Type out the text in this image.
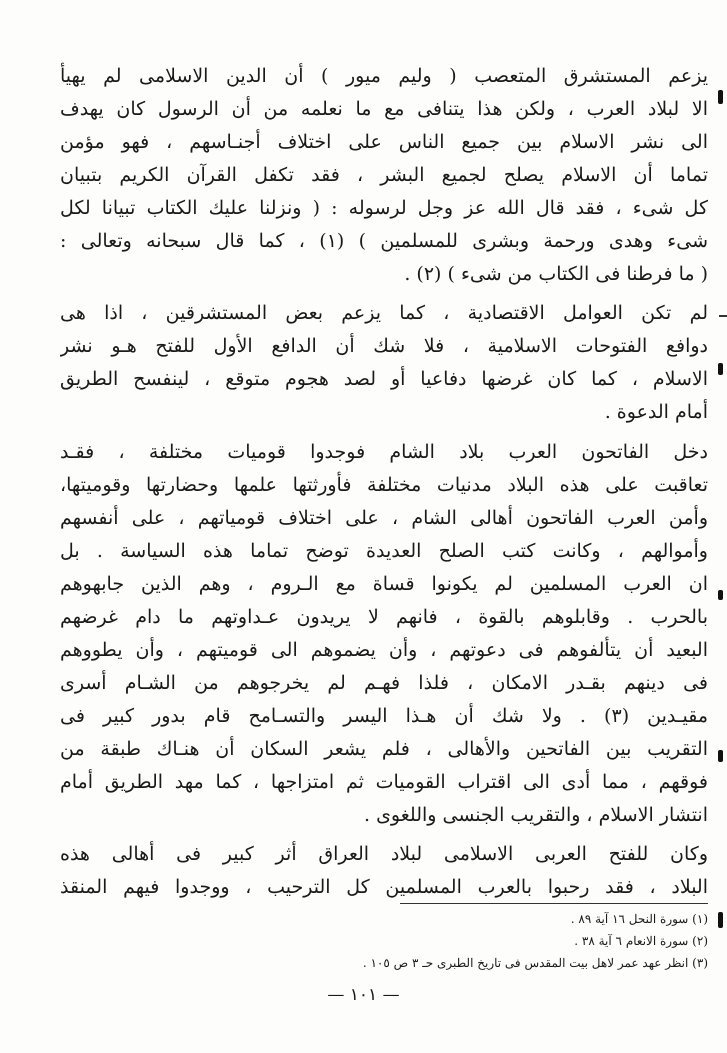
يزعم المستشرق المتعصب ( وليم ميور ) أن الدين الاسلامى لم يهيأ
الا لبلاد العرب ، ولكن هذا يتنافى مع ما نعلمه من أن الرسول كان يهدف
الى نشر الاسلام بين جميع الناس على اختلاف أجنـاسهم ، فهو مؤمن
تماما أن الاسلام يصلح لجميع البشر ، فقد تكفل القرآن الكريم بتبيان
كل شىء ، فقد قال الله عز وجل لرسوله : ( ونزلنا عليك الكتاب تبيانا لكل
شىء وهدى ورحمة وبشرى للمسلمين ) (١) ، كما قال سبحانه وتعالى :
( ما فرطنا فى الكتاب من شىء ) (٢) .
لم تكن العوامل الاقتصادية ، كما يزعم بعض المستشرقين ، اذا هى
دوافع الفتوحات الاسلامية ، فلا شك أن الدافع الأول للفتح هـو نشر
الاسلام ، كما كان غرضها دفاعيا أو لصد هجوم متوقع ، لينفسح الطريق
أمام الدعوة .
دخل الفاتحون العرب بلاد الشام فوجدوا قوميات مختلفة ، فقـد
تعاقبت على هذه البلاد مدنيات مختلفة فأورثتها علمها وحضارتها وقوميتها،
وأمن العرب الفاتحون أهالى الشام ، على اختلاف قومياتهم ، على أنفسهم
وأموالهم ، وكانت كتب الصلح العديدة توضح تماما هذه السياسة . بل
ان العرب المسلمين لم يكونوا قساة مع الـروم ، وهم الذين جابهوهم
بالحرب . وقابلوهم بالقوة ، فانهم لا يريدون عـداوتهم ما دام غرضهم
البعيد أن يتألفوهم فى دعوتهم ، وأن يضموهم الى قوميتهم ، وأن يطووهم
فى دينهم بقـدر الامكان ، فلذا فهـم لم يخرجوهم من الشـام أسرى
مقيـدين (٣) . ولا شك أن هـذا اليسر والتسـامح قام بدور كبير فى
التقريب بين الفاتحين والأهالى ، فلم يشعر السكان أن هنـاك طبقة من
فوقهم ، مما أدى الى اقتراب القوميات ثم امتزاجها ، كما مهد الطريق أمام
انتشار الاسلام ، والتقريب الجنسى واللغوى .
وكان للفتح العربى الاسلامى لبلاد العراق أثر كبير فى أهالى هذه
البلاد ، فقد رحبوا بالعرب المسلمين كل الترحيب ، ووجدوا فيهم المنقذ
(١) سورة النحل ١٦ آية ٨٩ .
(٢) سورة الانعام ٦ آية ٣٨ .
(٣) انظر عهد عمر لاهل بيت المقدس فى تاريخ الطبرى حـ ٣ ص ١٠٥ .
— ١٠١ —
